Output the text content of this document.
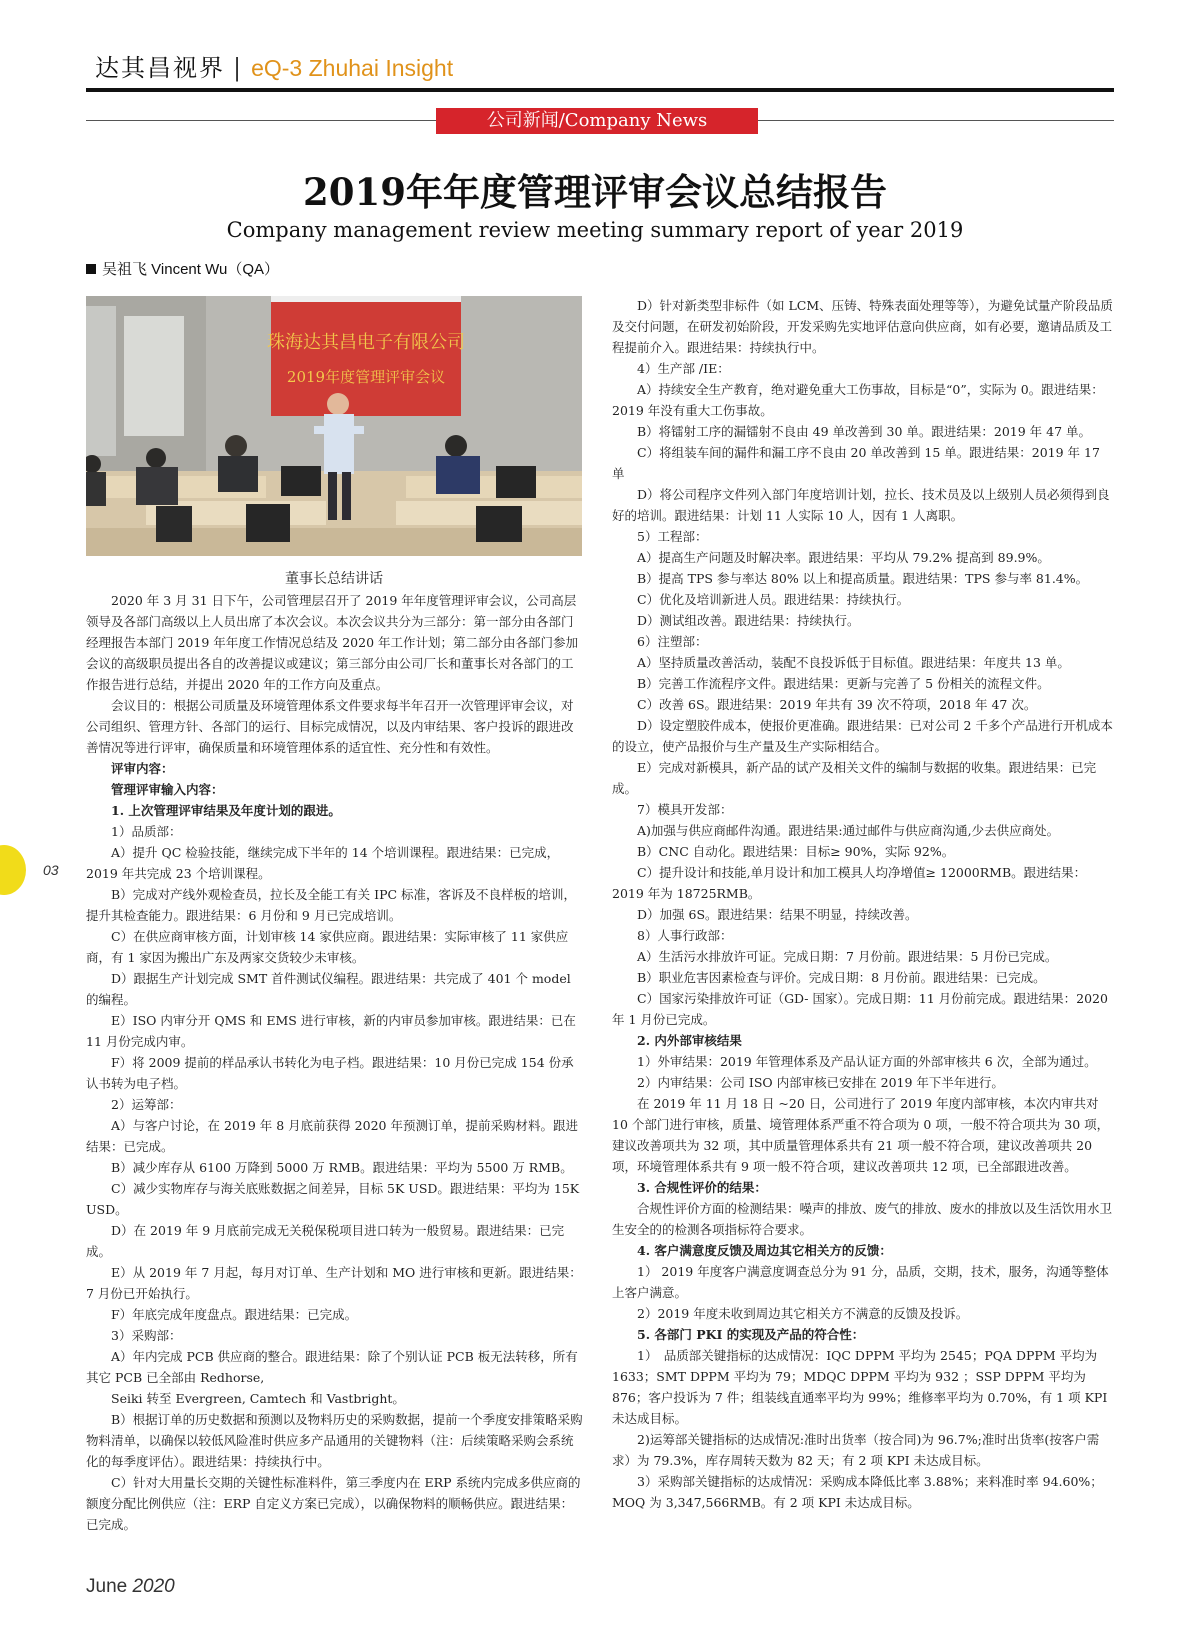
达其昌视界 | eQ-3 Zhuhai Insight
公司新闻/Company News
2019年年度管理评审会议总结报告
Company management review meeting summary report of year 2019
吴祖飞 Vincent Wu（QA）
珠海达其昌电子有限公司
2019年度管理评审会议
董事长总结讲话

2020 年 3 月 31 日下午，公司管理层召开了 2019 年年度管理评审会议，公司高层领导及各部门高级以上人员出席了本次会议。本次会议共分为三部分：第一部分由各部门经理报告本部门 2019 年年度工作情况总结及 2020 年工作计划；第二部分由各部门参加会议的高级职员提出各自的改善提议或建议；第三部分由公司厂长和董事长对各部门的工作报告进行总结，并提出 2020 年的工作方向及重点。

会议目的：根据公司质量及环境管理体系文件要求每半年召开一次管理评审会议，对公司组织、管理方针、各部门的运行、目标完成情况，以及内审结果、客户投诉的跟进改善情况等进行评审，确保质量和环境管理体系的适宜性、充分性和有效性。

评审内容：

管理评审输入内容：

1. 上次管理评审结果及年度计划的跟进。

1）品质部：

A）提升 QC 检验技能，继续完成下半年的 14 个培训课程。跟进结果：已完成，2019 年共完成 23 个培训课程。

B）完成对产线外观检查员，拉长及全能工有关 IPC 标准，客诉及不良样板的培训，提升其检查能力。跟进结果：6 月份和 9 月已完成培训。

C）在供应商审核方面，计划审核 14 家供应商。跟进结果：实际审核了 11 家供应商，有 1 家因为搬出广东及两家交货较少未审核。

D）跟据生产计划完成 SMT 首件测试仪编程。跟进结果：共完成了 401 个 model 的编程。

E）ISO 内审分开 QMS 和 EMS 进行审核，新的内审员参加审核。跟进结果：已在 11 月份完成内审。

F）将 2009 提前的样品承认书转化为电子档。跟进结果：10 月份已完成 154 份承认书转为电子档。

2）运筹部：

A）与客户讨论，在 2019 年 8 月底前获得 2020 年预测订单，提前采购材料。跟进结果：已完成。

B）减少库存从 6100 万降到 5000 万 RMB。跟进结果：平均为 5500 万 RMB。

C）减少实物库存与海关底账数据之间差异，目标 5K USD。跟进结果：平均为 15K USD。

D）在 2019 年 9 月底前完成无关税保税项目进口转为一般贸易。跟进结果：已完成。

E）从 2019 年 7 月起，每月对订单、生产计划和 MO 进行审核和更新。跟进结果：7 月份已开始执行。

F）年底完成年度盘点。跟进结果：已完成。

3）采购部：

A）年内完成 PCB 供应商的整合。跟进结果：除了个别认证 PCB 板无法转移，所有其它 PCB 已全部由 Redhorse,

Seiki 转至 Evergreen, Camtech 和 Vastbright。

B）根据订单的历史数据和预测以及物料历史的采购数据，提前一个季度安排策略采购物料清单，以确保以较低风险准时供应多产品通用的关键物料（注：后续策略采购会系统化的每季度评估）。跟进结果：持续执行中。

C）针对大用量长交期的关键性标准料件，第三季度内在 ERP 系统内完成多供应商的额度分配比例供应（注：ERP 自定义方案已完成），以确保物料的顺畅供应。跟进结果：已完成。

D）针对新类型非标件（如 LCM、压铸、特殊表面处理等等），为避免试量产阶段品质及交付问题，在研发初始阶段，开发采购先实地评估意向供应商，如有必要，邀请品质及工程提前介入。跟进结果：持续执行中。

4）生产部 /IE：

A）持续安全生产教育，绝对避免重大工伤事故，目标是“0”，实际为 0。跟进结果：2019 年没有重大工伤事故。

B）将镭射工序的漏镭射不良由 49 单改善到 30 单。跟进结果：2019 年 47 单。

C）将组装车间的漏件和漏工序不良由 20 单改善到 15 单。跟进结果：2019 年 17 单

D）将公司程序文件列入部门年度培训计划，拉长、技术员及以上级别人员必须得到良好的培训。跟进结果：计划 11 人实际 10 人，因有 1 人离职。

5）工程部：

A）提高生产问题及时解决率。跟进结果：平均从 79.2% 提高到 89.9%。

B）提高 TPS 参与率达 80% 以上和提高质量。跟进结果：TPS 参与率 81.4%。

C）优化及培训新进人员。跟进结果：持续执行。

D）测试组改善。跟进结果：持续执行。

6）注塑部：

A）坚持质量改善活动，装配不良投诉低于目标值。跟进结果：年度共 13 单。

B）完善工作流程序文件。跟进结果：更新与完善了 5 份相关的流程文件。

C）改善 6S。跟进结果：2019 年共有 39 次不符项，2018 年 47 次。

D）设定塑胶件成本，使报价更准确。跟进结果：已对公司 2 千多个产品进行开机成本的设立，使产品报价与生产量及生产实际相结合。

E）完成对新模具，新产品的试产及相关文件的编制与数据的收集。跟进结果：已完成。

7）模具开发部：

A)加强与供应商邮件沟通。跟进结果:通过邮件与供应商沟通,少去供应商处。

B）CNC 自动化。跟进结果：目标≥ 90%，实际 92%。

C）提升设计和技能,单月设计和加工模具人均净增值≥ 12000RMB。跟进结果：2019 年为 18725RMB。

D）加强 6S。跟进结果：结果不明显，持续改善。

8）人事行政部：

A）生活污水排放许可证。完成日期：7 月份前。跟进结果：5 月份已完成。

B）职业危害因素检查与评价。完成日期：8 月份前。跟进结果：已完成。

C）国家污染排放许可证（GD- 国家）。完成日期：11 月份前完成。跟进结果：2020 年 1 月份已完成。

2. 内外部审核结果

1）外审结果：2019 年管理体系及产品认证方面的外部审核共 6 次，全部为通过。

2）内审结果：公司 ISO 内部审核已安排在 2019 年下半年进行。

在 2019 年 11 月 18 日 ~20 日，公司进行了 2019 年度内部审核，本次内审共对 10 个部门进行审核，质量、境管理体系严重不符合项为 0 项，一般不符合项共为 30 项，建议改善项共为 32 项，其中质量管理体系共有 21 项一般不符合项，建议改善项共 20 项，环境管理体系共有 9 项一般不符合项，建议改善项共 12 项，已全部跟进改善。

3. 合规性评价的结果：

合规性评价方面的检测结果：噪声的排放、废气的排放、废水的排放以及生活饮用水卫生安全的的检测各项指标符合要求。

4. 客户满意度反馈及周边其它相关方的反馈：

1） 2019 年度客户满意度调查总分为 91 分，品质，交期，技术，服务，沟通等整体上客户满意。

2）2019 年度未收到周边其它相关方不满意的反馈及投诉。

5. 各部门 PKI 的实现及产品的符合性：

1）　品质部关键指标的达成情况：IQC DPPM 平均为 2545；PQA DPPM 平均为 1633；SMT DPPM 平均为 79；MDQC DPPM 平均为 932 ；SSP DPPM 平均为 876；客户投诉为 7 件；组装线直通率平均为 99%；维修率平均为 0.70%，有 1 项 KPI 未达成目标。

2)运筹部关键指标的达成情况:准时出货率（按合同)为 96.7%;准时出货率(按客户需求）为 79.3%，库存周转天数为 82 天；有 2 项 KPI 未达成目标。

3）采购部关键指标的达成情况：采购成本降低比率 3.88%；来料准时率 94.60%；MOQ 为 3,347,566RMB。有 2 项 KPI 未达成目标。

03
June 2020
